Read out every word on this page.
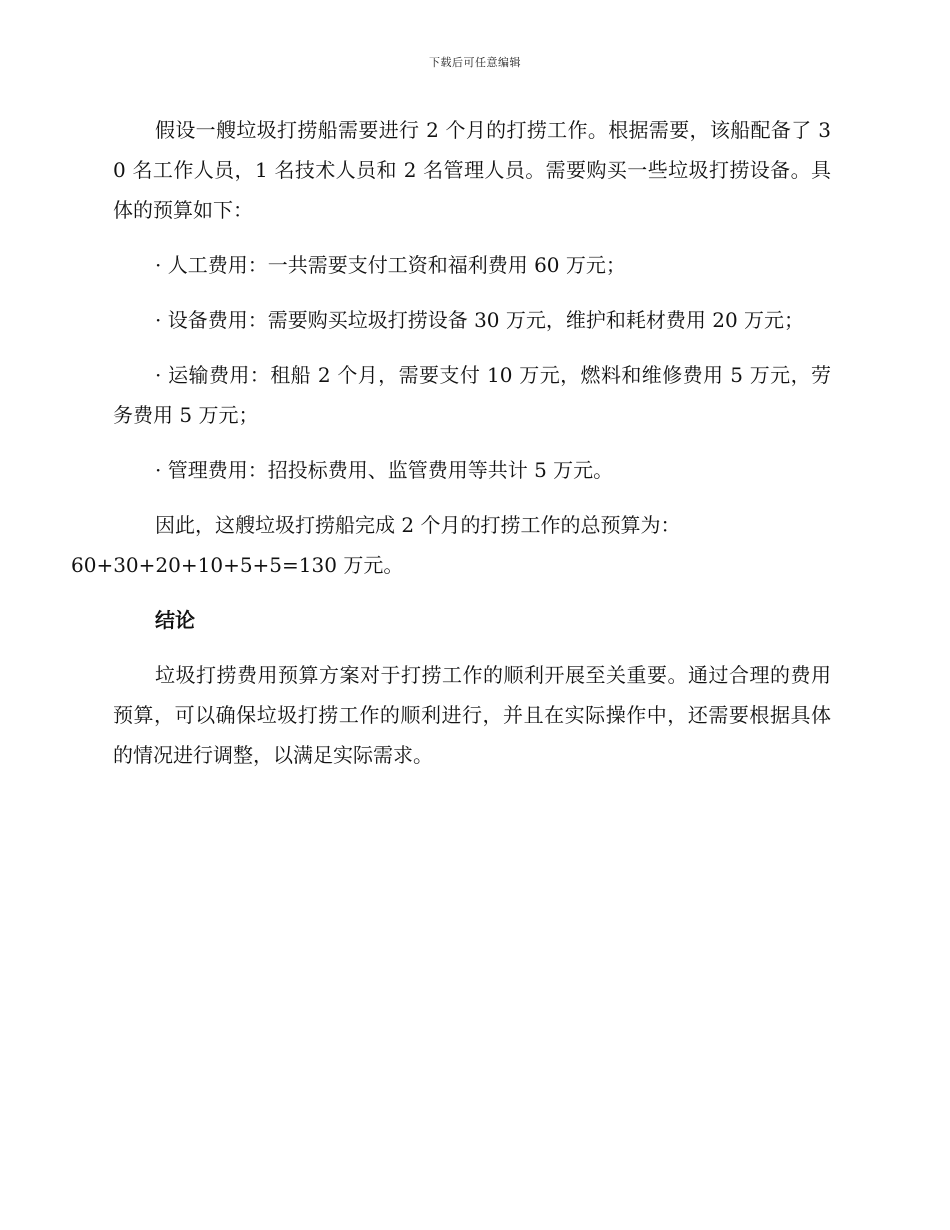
下载后可任意编辑

假设一艘垃圾打捞船需要进行 2 个月的打捞工作。根据需要，该船配备了 30 名工作人员，1 名技术人员和 2 名管理人员。需要购买一些垃圾打捞设备。具体的预算如下：

· 人工费用：一共需要支付工资和福利费用 60 万元；

· 设备费用：需要购买垃圾打捞设备 30 万元，维护和耗材费用 20 万元；

· 运输费用：租船 2 个月，需要支付 10 万元，燃料和维修费用 5 万元，劳务费用 5 万元；

· 管理费用：招投标费用、监管费用等共计 5 万元。

因此，这艘垃圾打捞船完成 2 个月的打捞工作的总预算为：
60+30+20+10+5+5=130 万元。

结论

垃圾打捞费用预算方案对于打捞工作的顺利开展至关重要。通过合理的费用预算，可以确保垃圾打捞工作的顺利进行，并且在实际操作中，还需要根据具体的情况进行调整，以满足实际需求。
